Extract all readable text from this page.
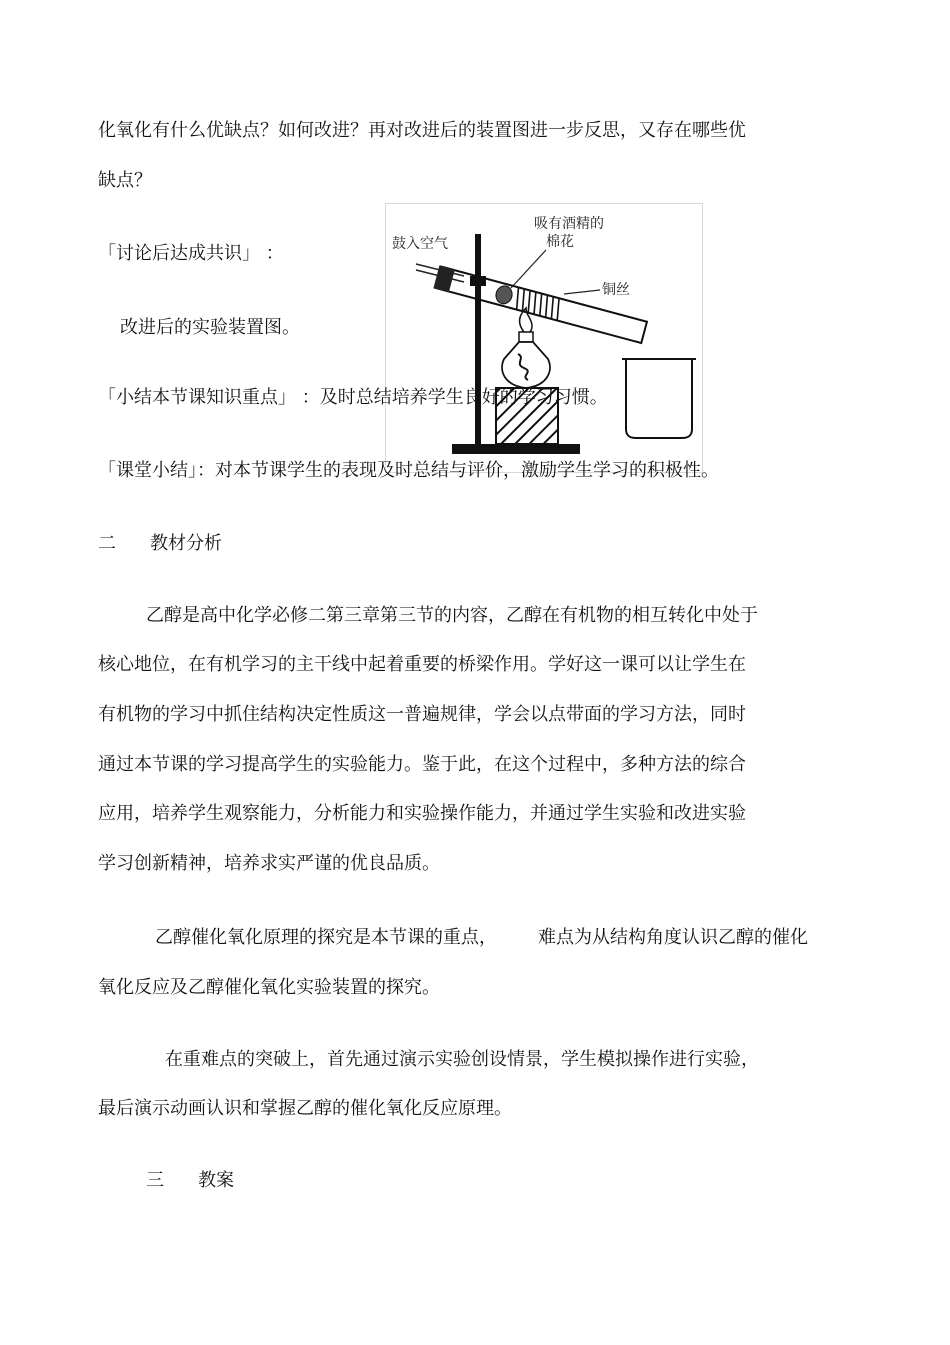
化氧化有什么优缺点？如何改进？再对改进后的装置图进一步反思，又存在哪些优
缺点？
「讨论后达成共识」 ：
改进后的实验装置图。
鼓入空气
吸有酒精的
棉花
铜丝
「小结本节课知识重点」 ：及时总结培养学生良好的学习习惯。
「课堂小结」：对本节课学生的表现及时总结与评价，激励学生学习的积极性。
二 教材分析
乙醇是高中化学必修二第三章第三节的内容，乙醇在有机物的相互转化中处于
核心地位，在有机学习的主干线中起着重要的桥梁作用。学好这一课可以让学生在
有机物的学习中抓住结构决定性质这一普遍规律，学会以点带面的学习方法，同时
通过本节课的学习提高学生的实验能力。鉴于此，在这个过程中，多种方法的综合
应用，培养学生观察能力，分析能力和实验操作能力，并通过学生实验和改进实验
学习创新精神，培养求实严谨的优良品质。
乙醇催化氧化原理的探究是本节课的重点， 难点为从结构角度认识乙醇的催化
氧化反应及乙醇催化氧化实验装置的探究。
在重难点的突破上，首先通过演示实验创设情景，学生模拟操作进行实验，
最后演示动画认识和掌握乙醇的催化氧化反应原理。
三 教案
